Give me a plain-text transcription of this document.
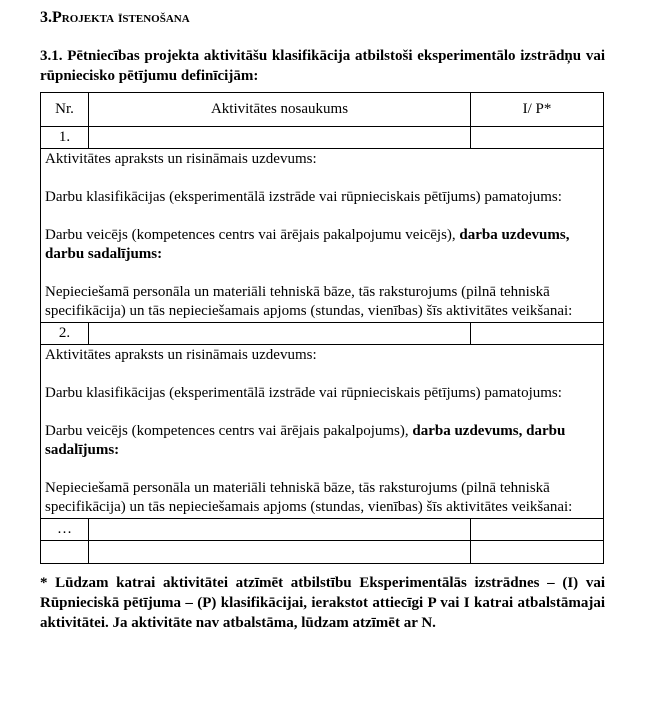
3.Projekta īstenošana

3.1. Pētniecības projekta aktivitāšu klasifikācija atbilstoši eksperimentālo izstrādņu vai rūpniecisko pētījumu definīcijām:

Nr.	Aktivitātes nosaukums	I/ P*
1.		

Aktivitātes apraksts un risināmais uzdevums:

Darbu klasifikācijas (eksperimentālā izstrāde vai rūpnieciskais pētījums) pamatojums:

Darbu veicējs (kompetences centrs vai ārējais pakalpojumu veicējs), darba uzdevums, darbu sadalījums:

Nepieciešamā personāla un materiāli tehniskā bāze, tās raksturojums (pilnā tehniskā specifikācija) un tās nepieciešamais apjoms (stundas, vienības) šīs aktivitātes veikšanai:		

2.		

Aktivitātes apraksts un risināmais uzdevums:

Darbu klasifikācijas (eksperimentālā izstrāde vai rūpnieciskais pētījums) pamatojums:

Darbu veicējs (kompetences centrs vai ārējais pakalpojums), darba uzdevums, darbu sadalījums:

Nepieciešamā personāla un materiāli tehniskā bāze, tās raksturojums (pilnā tehniskā specifikācija) un tās nepieciešamais apjoms (stundas, vienības) šīs aktivitātes veikšanai:		

…		

* Lūdzam katrai aktivitātei atzīmēt atbilstību Eksperimentālās izstrādnes – (I) vai Rūpnieciskā pētījuma – (P) klasifikācijai, ierakstot attiecīgi P vai I katrai atbalstāmajai aktivitātei. Ja aktivitāte nav atbalstāma, lūdzam atzīmēt ar N.
